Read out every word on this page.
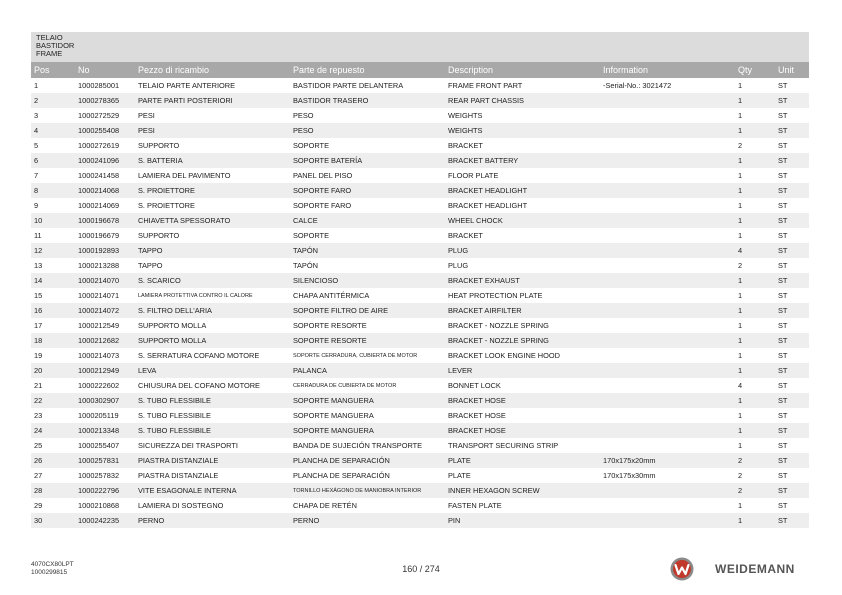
TELAIO
BASTIDOR
FRAME
Pos	No	Pezzo di ricambio	Parte de repuesto	Description	Information	Qty	Unit
1	1000285001	TELAIO PARTE ANTERIORE	BASTIDOR PARTE DELANTERA	FRAME FRONT PART	-Serial-No.: 3021472	1	ST
2	1000278365	PARTE PARTI POSTERIORI	BASTIDOR TRASERO	REAR PART CHASSIS		1	ST
3	1000272529	PESI	PESO	WEIGHTS		1	ST
4	1000255408	PESI	PESO	WEIGHTS		1	ST
5	1000272619	SUPPORTO	SOPORTE	BRACKET		2	ST
6	1000241096	S. BATTERIA	SOPORTE BATERÍA	BRACKET BATTERY		1	ST
7	1000241458	LAMIERA DEL PAVIMENTO	PANEL DEL PISO	FLOOR PLATE		1	ST
8	1000214068	S. PROIETTORE	SOPORTE FARO	BRACKET HEADLIGHT		1	ST
9	1000214069	S. PROIETTORE	SOPORTE FARO	BRACKET HEADLIGHT		1	ST
10	1000196678	CHIAVETTA SPESSORATO	CALCE	WHEEL CHOCK		1	ST
11	1000196679	SUPPORTO	SOPORTE	BRACKET		1	ST
12	1000192893	TAPPO	TAPÓN	PLUG		4	ST
13	1000213288	TAPPO	TAPÓN	PLUG		2	ST
14	1000214070	S. SCARICO	SILENCIOSO	BRACKET EXHAUST		1	ST
15	1000214071	LAMIERA PROTETTIVA CONTRO IL CALORE	CHAPA ANTITÉRMICA	HEAT PROTECTION PLATE		1	ST
16	1000214072	S. FILTRO DELL'ARIA	SOPORTE FILTRO DE AIRE	BRACKET AIRFILTER		1	ST
17	1000212549	SUPPORTO MOLLA	SOPORTE RESORTE	BRACKET - NOZZLE SPRING		1	ST
18	1000212682	SUPPORTO MOLLA	SOPORTE RESORTE	BRACKET - NOZZLE SPRING		1	ST
19	1000214073	S. SERRATURA COFANO MOTORE	SOPORTE CERRADURA, CUBIERTA DE MOTOR	BRACKET LOOK ENGINE HOOD		1	ST
20	1000212949	LEVA	PALANCA	LEVER		1	ST
21	1000222602	CHIUSURA DEL COFANO MOTORE	CERRADURA DE CUBIERTA DE MOTOR	BONNET LOCK		4	ST
22	1000302907	S. TUBO FLESSIBILE	SOPORTE MANGUERA	BRACKET HOSE		1	ST
23	1000205119	S. TUBO FLESSIBILE	SOPORTE MANGUERA	BRACKET HOSE		1	ST
24	1000213348	S. TUBO FLESSIBILE	SOPORTE MANGUERA	BRACKET HOSE		1	ST
25	1000255407	SICUREZZA DEI TRASPORTI	BANDA DE SUJECIÓN TRANSPORTE	TRANSPORT SECURING STRIP		1	ST
26	1000257831	PIASTRA DISTANZIALE	PLANCHA DE SEPARACIÓN	PLATE	170x175x20mm	2	ST
27	1000257832	PIASTRA DISTANZIALE	PLANCHA DE SEPARACIÓN	PLATE	170x175x30mm	2	ST
28	1000222796	VITE ESAGONALE INTERNA	TORNILLO HEXÁGONO DE MANIOBRA INTERIOR	INNER HEXAGON SCREW		2	ST
29	1000210868	LAMIERA DI SOSTEGNO	CHAPA DE RETÉN	FASTEN PLATE		1	ST
30	1000242235	PERNO	PERNO	PIN		1	ST
4070CX80LPT
1000299815	160 / 274	WEIDEMANN
